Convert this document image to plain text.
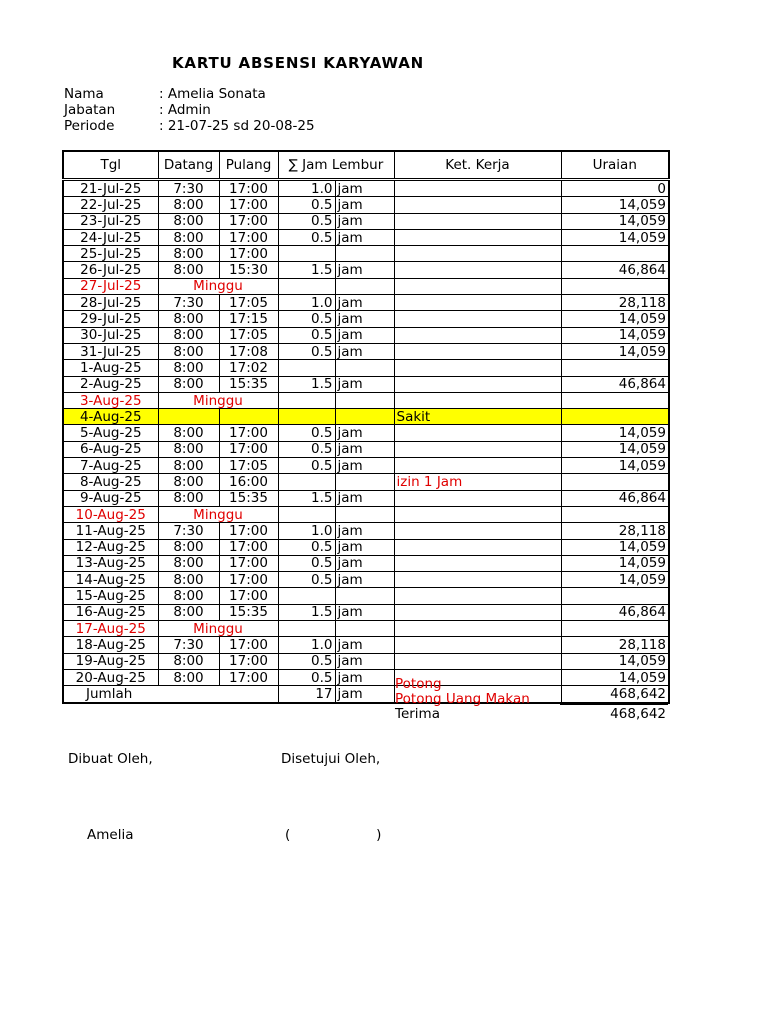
KARTU ABSENSI KARYAWAN
Nama	: Amelia Sonata
Jabatan	: Admin
Periode	: 21-07-25 sd 20-08-25
Tgl	Datang	Pulang	∑ Jam Lembur		Ket. Kerja	Uraian
21-Jul-25	7:30	17:00	1.0	jam		0
22-Jul-25	8:00	17:00	0.5	jam		14,059
23-Jul-25	8:00	17:00	0.5	jam		14,059
24-Jul-25	8:00	17:00	0.5	jam		14,059
25-Jul-25	8:00	17:00				
26-Jul-25	8:00	15:30	1.5	jam		46,864
27-Jul-25	Minggu					
28-Jul-25	7:30	17:05	1.0	jam		28,118
29-Jul-25	8:00	17:15	0.5	jam		14,059
30-Jul-25	8:00	17:05	0.5	jam		14,059
31-Jul-25	8:00	17:08	0.5	jam		14,059
1-Aug-25	8:00	17:02				
2-Aug-25	8:00	15:35	1.5	jam		46,864
3-Aug-25	Minggu					
4-Aug-25					Sakit	
5-Aug-25	8:00	17:00	0.5	jam		14,059
6-Aug-25	8:00	17:00	0.5	jam		14,059
7-Aug-25	8:00	17:05	0.5	jam		14,059
8-Aug-25	8:00	16:00			izin 1 Jam	
9-Aug-25	8:00	15:35	1.5	jam		46,864
10-Aug-25	Minggu					
11-Aug-25	7:30	17:00	1.0	jam		28,118
12-Aug-25	8:00	17:00	0.5	jam		14,059
13-Aug-25	8:00	17:00	0.5	jam		14,059
14-Aug-25	8:00	17:00	0.5	jam		14,059
15-Aug-25	8:00	17:00				
16-Aug-25	8:00	15:35	1.5	jam		46,864
17-Aug-25	Minggu					
18-Aug-25	7:30	17:00	1.0	jam		28,118
19-Aug-25	8:00	17:00	0.5	jam		14,059
20-Aug-25	8:00	17:00	0.5	jam		14,059
Jumlah			17	jam		468,642
Potong
Potong Uang Makan
Terima	468,642
Dibuat Oleh,	Disetujui Oleh,
Amelia	(                    )
